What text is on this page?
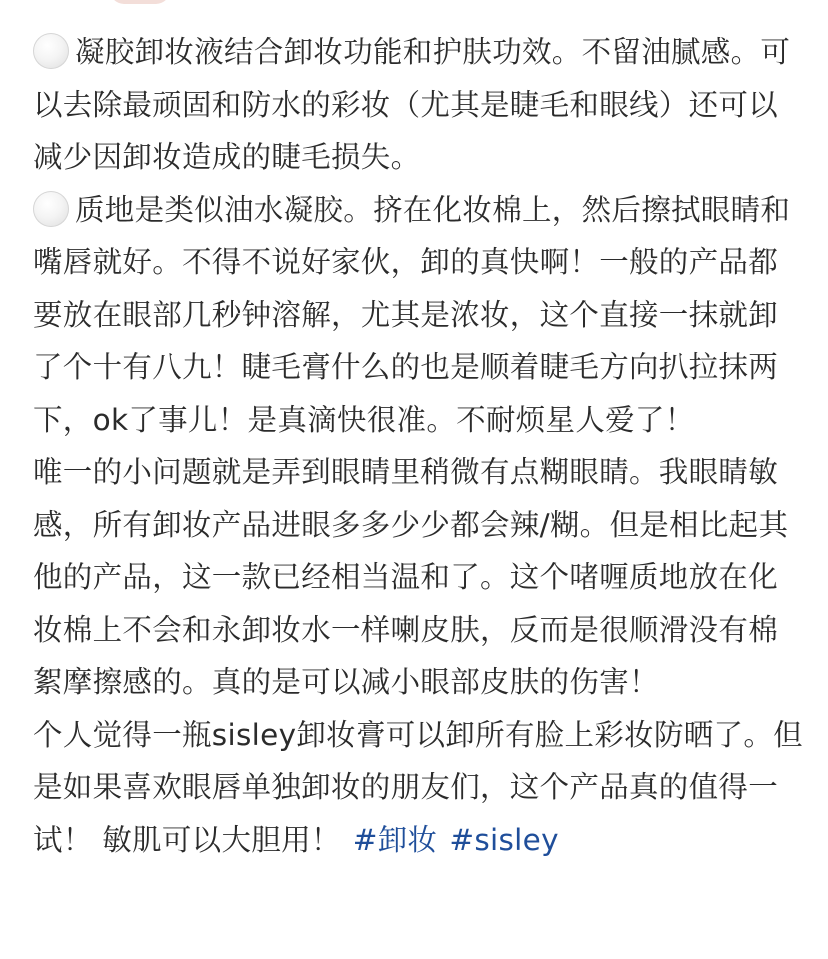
凝胶卸妆液结合卸妆功能和护肤功效。不留油腻感。可以去除最顽固和防水的彩妆（尤其是睫毛和眼线）还可以减少因卸妆造成的睫毛损失。

质地是类似油水凝胶。挤在化妆棉上，然后擦拭眼睛和嘴唇就好。不得不说好家伙，卸的真快啊！一般的产品都要放在眼部几秒钟溶解，尤其是浓妆，这个直接一抹就卸了个十有八九！睫毛膏什么的也是顺着睫毛方向扒拉抹两下，ok了事儿！是真滴快很准。不耐烦星人爱了！

唯一的小问题就是弄到眼睛里稍微有点糊眼睛。我眼睛敏感，所有卸妆产品进眼多多少少都会辣/糊。但是相比起其他的产品，这一款已经相当温和了。这个啫喱质地放在化妆棉上不会和永卸妆水一样喇皮肤，反而是很顺滑没有棉絮摩擦感的。真的是可以减小眼部皮肤的伤害！

个人觉得一瓶sisley卸妆膏可以卸所有脸上彩妆防晒了。但是如果喜欢眼唇单独卸妆的朋友们，这个产品真的值得一试！ 敏肌可以大胆用！ #卸妆 #sisley
